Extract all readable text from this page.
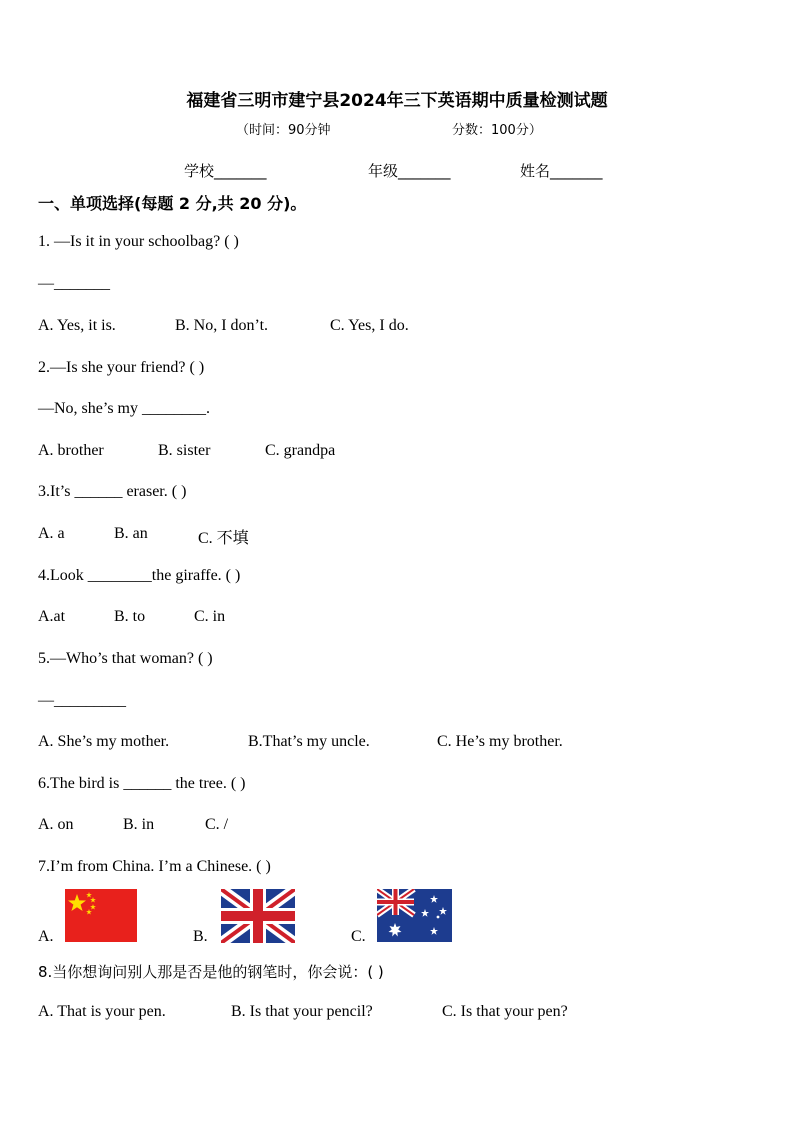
福建省三明市建宁县2024年三下英语期中质量检测试题
（时间：90分钟	分数：100分）
学校_______	年级_______	姓名_______
一、单项选择(每题 2 分,共 20 分)。
1. —Is it in your schoolbag? ( )
—_______
A. Yes, it is.	B. No, I don’t.	C. Yes, I do.
2.—Is she your friend? ( )
—No, she’s my ________.
A. brother	B. sister	C. grandpa
3.It’s ______ eraser. ( )
A. a	B. an	C. 不填
4.Look ________the giraffe. ( )
A.at	B. to	C. in
5.—Who’s that woman? ( )
—_________
A. She’s my mother.	B.That’s my uncle.	C. He’s my brother.
6.The bird is ______ the tree. ( )
A. on	B. in	C. /
7.I’m from China. I’m a Chinese. ( )
A.	B.	C.
8.当你想询问别人那是否是他的钢笔时，你会说：( )
A. That is your pen.	B. Is that your pencil?	C. Is that your pen?
